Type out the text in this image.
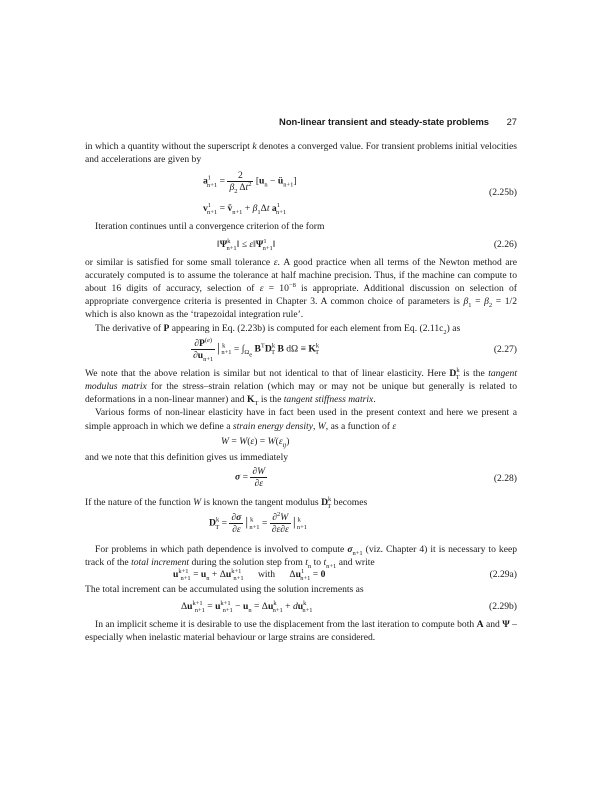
Non-linear transient and steady-state problems 27

in which a quantity without the superscript k denotes a converged value. For transient problems initial velocities and accelerations are given by

$a^1_{n+1} = \frac{2}{\beta_2 \Delta t^2} [u_n$ − $ü_{n+1}$]
$v^1_{n+1}$ = ṽ$_{n+1}$ + $\beta_1\Delta t$ $a^1_{n+1}$
(2.25b)

Iteration continues until a convergence criterion of the form

$‖\Psi^k_{n+1}‖$ ≤ $\varepsilon‖\Psi^1_{n+1}‖$	(2.26)

or similar is satisfied for some small tolerance ε. A good practice when all terms of the Newton method are accurately computed is to assume the tolerance at half machine precision. Thus, if the machine can compute to about 16 digits of accuracy, selection of $\varepsilon = 10^{-8}$ is appropriate. Additional discussion on selection of appropriate convergence criteria is presented in Chapter 3. A common choice of parameters is $\beta_1 = \beta_2 = 1/2$ which is also known as the ‘trapezoidal integration rule’.

The derivative of P appearing in Eq. (2.23b) is computed for each element from Eq. $(2.11c_2)$ as

$\frac{\partial P^{(e)}}{\partial u_{n+1}}$ │$^k_{n+1}$ = $\int_{\Omega_e}$ $B^TD^k_T$ B $d\Omega \equiv K^k_T$	(2.27)

We note that the above relation is similar but not identical to that of linear elasticity. Here $D^k_T$ is the tangent modulus matrix for the stress–strain relation (which may or may not be unique but generally is related to deformations in a non-linear manner) and $K_T$ is the tangent stiffness matrix.

Various forms of non-linear elasticity have in fact been used in the present context and here we present a simple approach in which we define a strain energy density, W, as a function of ε

$W = W(\varepsilon) = W(\varepsilon_{ij})$

and we note that this definition gives us immediately

$\sigma = \frac{\partial W}{\partial\varepsilon}$	(2.28)

If the nature of the function W is known the tangent modulus $D^k_T$ becomes

$D^k_T = \frac{\partial\sigma}{\partial\varepsilon}$ │$^k_{n+1}$ = $\frac{\partial^2W}{\partial\varepsilon\partial\varepsilon}$ │$^k_{n+1}$

For problems in which path dependence is involved to compute $\sigma_{n+1}$ (viz. Chapter 4) it is necessary to keep track of the total increment during the solution step from $t_n$ to $t_{n+1}$ and write

$u^{k+1}_{n+1} = u_n + \Delta u^{k+1}_{n+1}$ with      $\Delta u^1_{n+1} = 0$	(2.29a)

The total increment can be accumulated using the solution increments as

$\Delta u^{k+1}_{n+1} = u^{k+1}_{n+1} - u_n = \Delta u^k_{n+1} + du^k_{n+1}$	(2.29b)

In an implicit scheme it is desirable to use the displacement from the last iteration to compute both A and Ψ – especially when inelastic material behaviour or large strains are considered.
